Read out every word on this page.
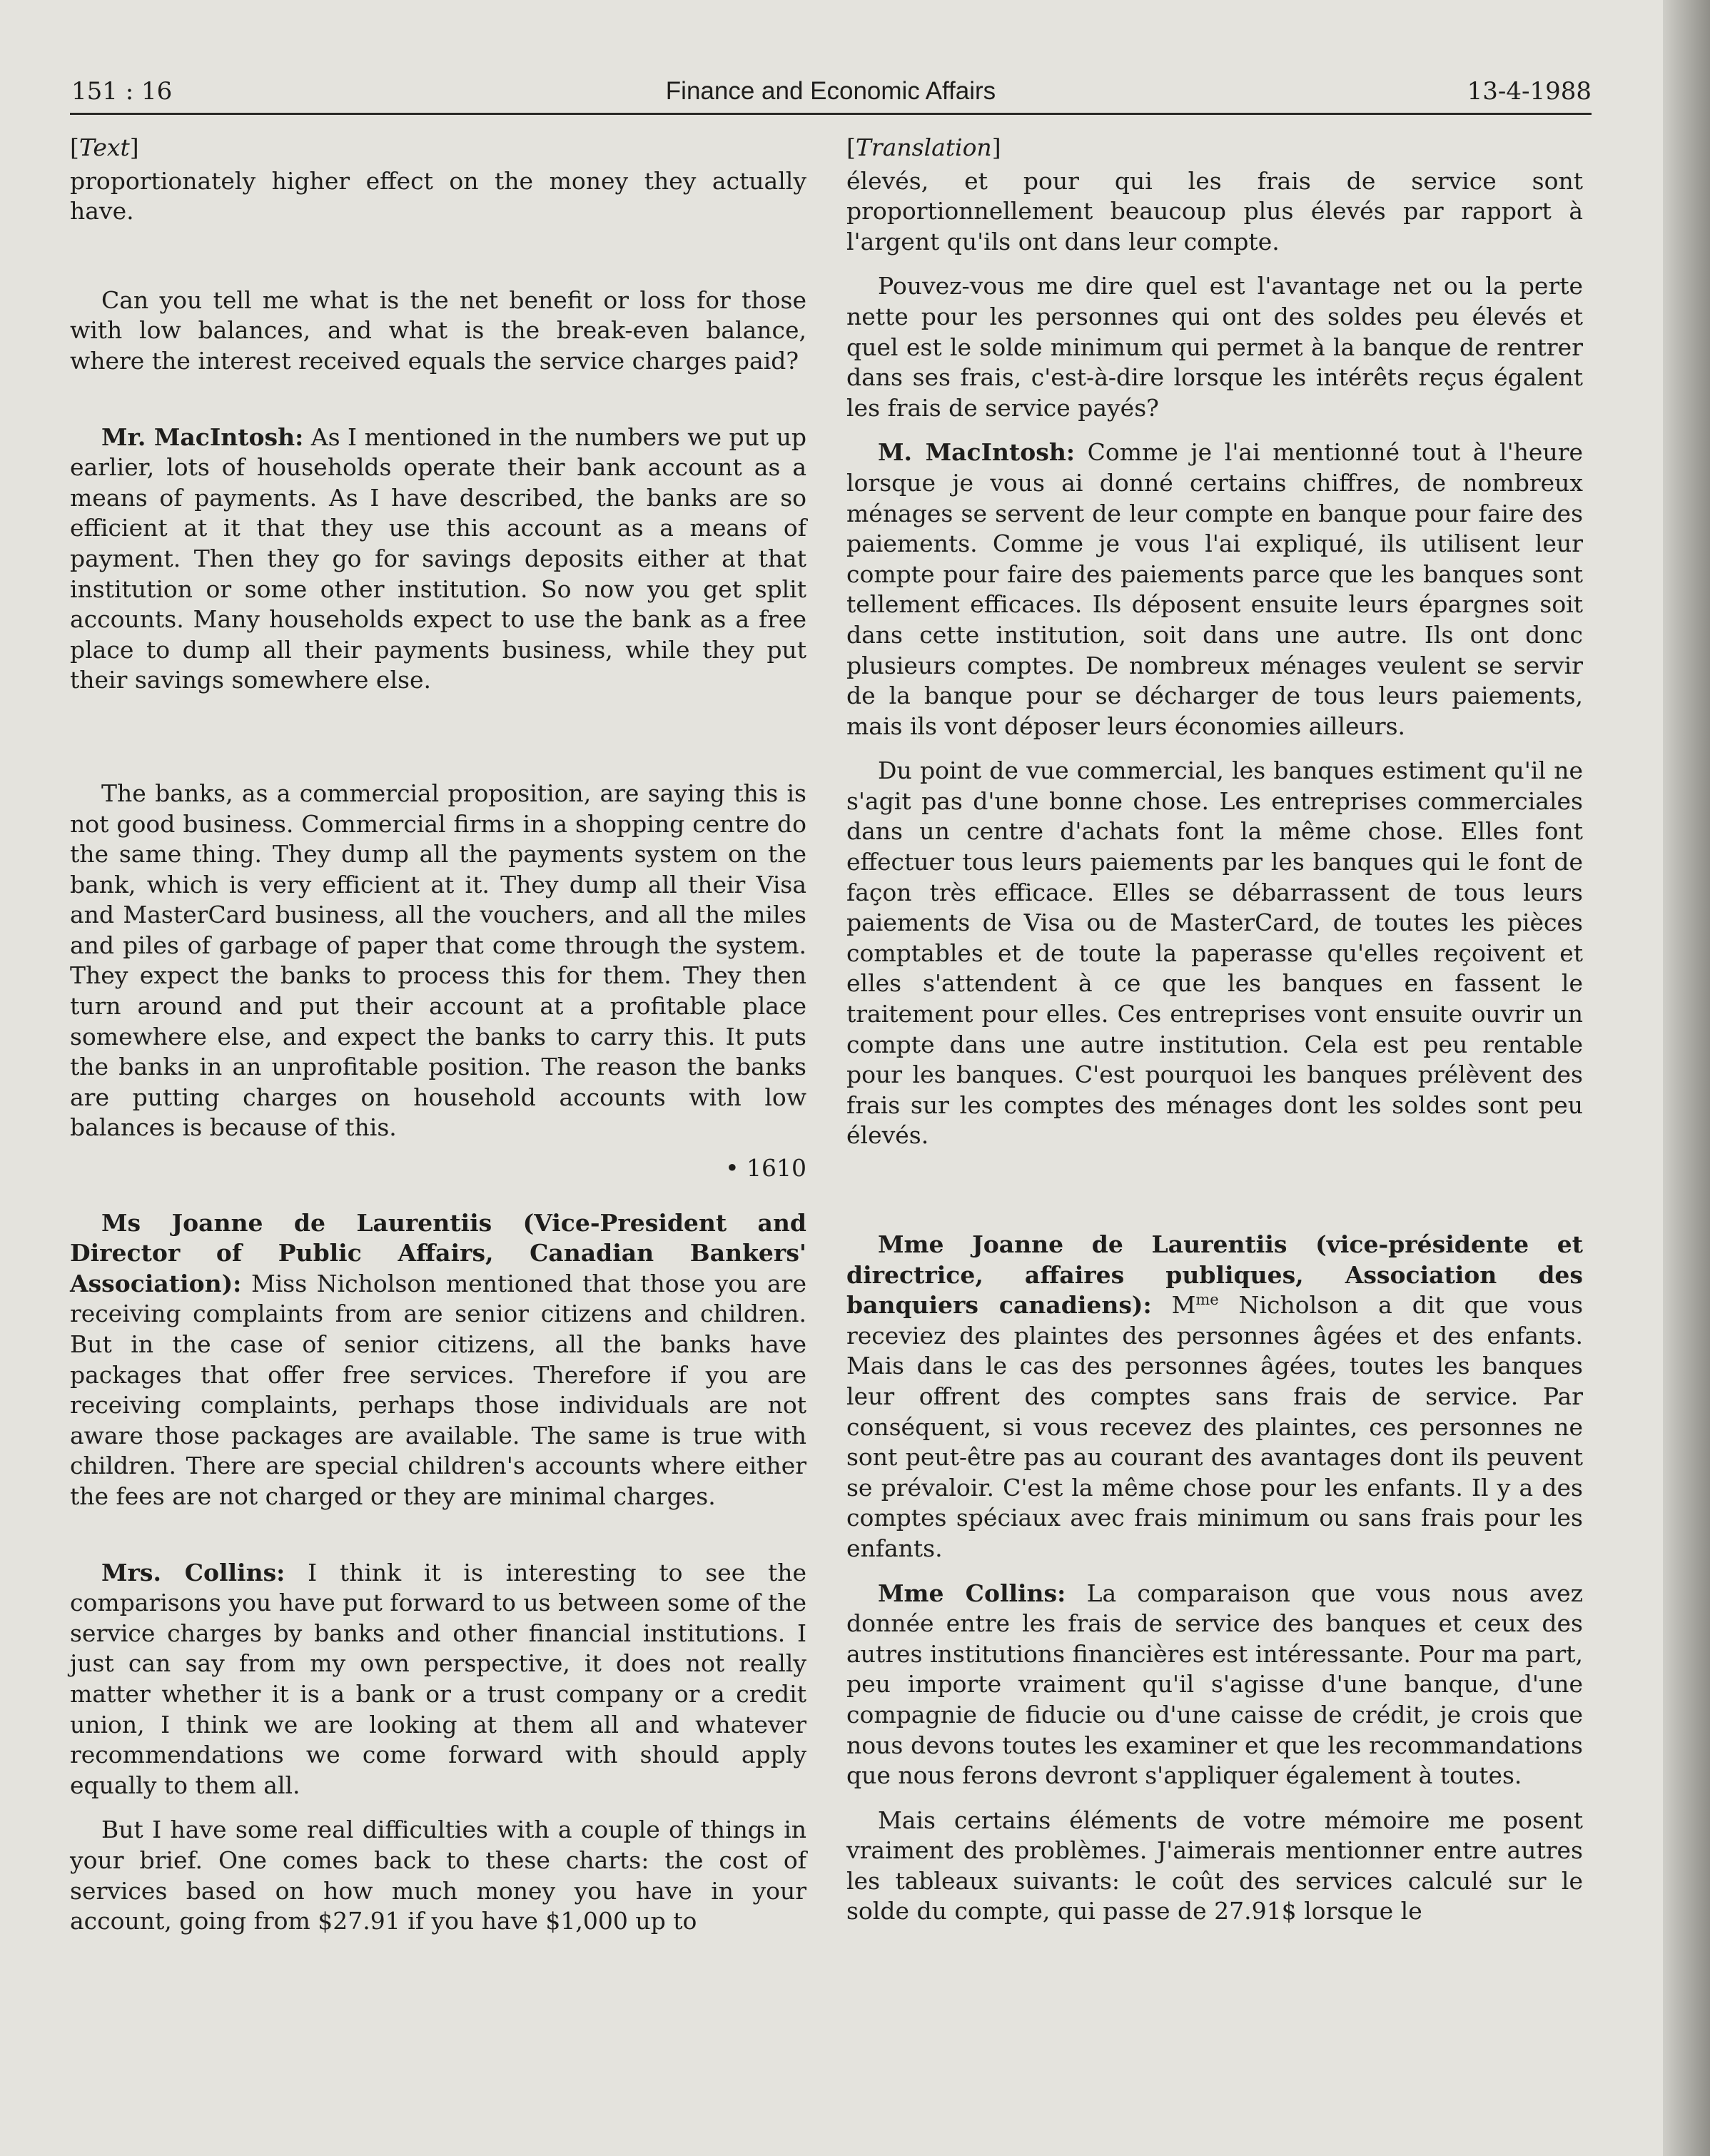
151 : 16	Finance and Economic Affairs	13-4-1988
[Text]

proportionately higher effect on the money they actually have.

Can you tell me what is the net benefit or loss for those with low balances, and what is the break-even balance, where the interest received equals the service charges paid?

Mr. MacIntosh: As I mentioned in the numbers we put up earlier, lots of households operate their bank account as a means of payments. As I have described, the banks are so efficient at it that they use this account as a means of payment. Then they go for savings deposits either at that institution or some other institution. So now you get split accounts. Many households expect to use the bank as a free place to dump all their payments business, while they put their savings somewhere else.

The banks, as a commercial proposition, are saying this is not good business. Commercial firms in a shopping centre do the same thing. They dump all the payments system on the bank, which is very efficient at it. They dump all their Visa and MasterCard business, all the vouchers, and all the miles and piles of garbage of paper that come through the system. They expect the banks to process this for them. They then turn around and put their account at a profitable place somewhere else, and expect the banks to carry this. It puts the banks in an unprofitable position. The reason the banks are putting charges on household accounts with low balances is because of this.

• 1610

Ms Joanne de Laurentiis (Vice-President and Director of Public Affairs, Canadian Bankers' Association): Miss Nicholson mentioned that those you are receiving complaints from are senior citizens and children. But in the case of senior citizens, all the banks have packages that offer free services. Therefore if you are receiving complaints, perhaps those individuals are not aware those packages are available. The same is true with children. There are special children's accounts where either the fees are not charged or they are minimal charges.

Mrs. Collins: I think it is interesting to see the comparisons you have put forward to us between some of the service charges by banks and other financial institutions. I just can say from my own perspective, it does not really matter whether it is a bank or a trust company or a credit union, I think we are looking at them all and whatever recommendations we come forward with should apply equally to them all.

But I have some real difficulties with a couple of things in your brief. One comes back to these charts: the cost of services based on how much money you have in your account, going from $27.91 if you have $1,000 up to

[Translation]

élevés, et pour qui les frais de service sont proportionnellement beaucoup plus élevés par rapport à l'argent qu'ils ont dans leur compte.

Pouvez-vous me dire quel est l'avantage net ou la perte nette pour les personnes qui ont des soldes peu élevés et quel est le solde minimum qui permet à la banque de rentrer dans ses frais, c'est-à-dire lorsque les intérêts reçus égalent les frais de service payés?

M. MacIntosh: Comme je l'ai mentionné tout à l'heure lorsque je vous ai donné certains chiffres, de nombreux ménages se servent de leur compte en banque pour faire des paiements. Comme je vous l'ai expliqué, ils utilisent leur compte pour faire des paiements parce que les banques sont tellement efficaces. Ils déposent ensuite leurs épargnes soit dans cette institution, soit dans une autre. Ils ont donc plusieurs comptes. De nombreux ménages veulent se servir de la banque pour se décharger de tous leurs paiements, mais ils vont déposer leurs économies ailleurs.

Du point de vue commercial, les banques estiment qu'il ne s'agit pas d'une bonne chose. Les entreprises commerciales dans un centre d'achats font la même chose. Elles font effectuer tous leurs paiements par les banques qui le font de façon très efficace. Elles se débarrassent de tous leurs paiements de Visa ou de MasterCard, de toutes les pièces comptables et de toute la paperasse qu'elles reçoivent et elles s'attendent à ce que les banques en fassent le traitement pour elles. Ces entreprises vont ensuite ouvrir un compte dans une autre institution. Cela est peu rentable pour les banques. C'est pourquoi les banques prélèvent des frais sur les comptes des ménages dont les soldes sont peu élevés.

Mme Joanne de Laurentiis (vice-présidente et directrice, affaires publiques, Association des banquiers canadiens): $M^{me}$ Nicholson a dit que vous receviez des plaintes des personnes âgées et des enfants. Mais dans le cas des personnes âgées, toutes les banques leur offrent des comptes sans frais de service. Par conséquent, si vous recevez des plaintes, ces personnes ne sont peut-être pas au courant des avantages dont ils peuvent se prévaloir. C'est la même chose pour les enfants. Il y a des comptes spéciaux avec frais minimum ou sans frais pour les enfants.

Mme Collins: La comparaison que vous nous avez donnée entre les frais de service des banques et ceux des autres institutions financières est intéressante. Pour ma part, peu importe vraiment qu'il s'agisse d'une banque, d'une compagnie de fiducie ou d'une caisse de crédit, je crois que nous devons toutes les examiner et que les recommandations que nous ferons devront s'appliquer également à toutes.

Mais certains éléments de votre mémoire me posent vraiment des problèmes. J'aimerais mentionner entre autres les tableaux suivants: le coût des services calculé sur le solde du compte, qui passe de 27.91$ lorsque le
